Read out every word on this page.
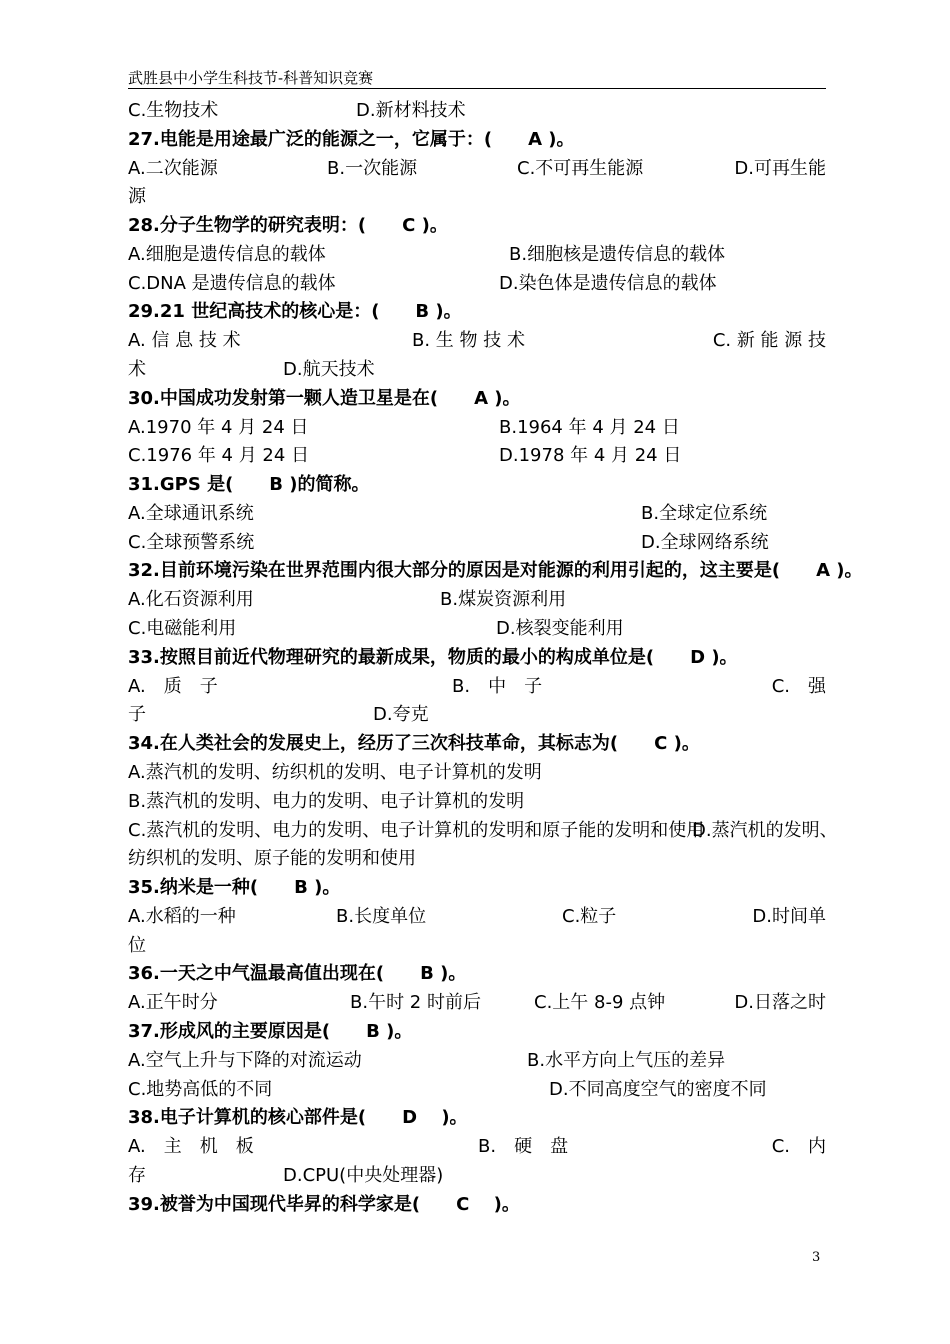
武胜县中小学生科技节-科普知识竞赛
C.生物技术	D.新材料技术
27.电能是用途最广泛的能源之一，它属于：(　　A )。
A.二次能源	B.一次能源	C.不可再生能源	D.可再生能
源
28.分子生物学的研究表明：(　　C )。
A.细胞是遗传信息的载体	B.细胞核是遗传信息的载体
C.DNA 是遗传信息的载体	D.染色体是遗传信息的载体
29.21 世纪高技术的核心是：(　　B )。
A. 信 息 技 术	B. 生 物 技 术	C. 新 能 源 技
术	D.航天技术
30.中国成功发射第一颗人造卫星是在(　　A )。
A.1970 年 4 月 24 日	B.1964 年 4 月 24 日
C.1976 年 4 月 24 日	D.1978 年 4 月 24 日
31.GPS 是(　　B )的简称。
A.全球通讯系统	B.全球定位系统
C.全球预警系统	D.全球网络系统
32.目前环境污染在世界范围内很大部分的原因是对能源的利用引起的，这主要是(　　A )。
A.化石资源利用	B.煤炭资源利用
C.电磁能利用	D.核裂变能利用
33.按照目前近代物理研究的最新成果，物质的最小的构成单位是(　　D )。
A.　质　子	B.　中　子	C.　强
子	D.夸克
34.在人类社会的发展史上，经历了三次科技革命，其标志为(　　C )。
A.蒸汽机的发明、纺织机的发明、电子计算机的发明
B.蒸汽机的发明、电力的发明、电子计算机的发明
C.蒸汽机的发明、电力的发明、电子计算机的发明和原子能的发明和使用
D.蒸汽机的发明、
纺织机的发明、原子能的发明和使用
35.纳米是一种(　　B )。
A.水稻的一种	B.长度单位	C.粒子	D.时间单
位
36.一天之中气温最高值出现在(　　B )。
A.正午时分	B.午时 2 时前后	C.上午 8-9 点钟	D.日落之时
37.形成风的主要原因是(　　B )。
A.空气上升与下降的对流运动	B.水平方向上气压的差异
C.地势高低的不同	D.不同高度空气的密度不同
38.电子计算机的核心部件是(　　D　 )。
A.　主　机　板	B.　硬　盘	C.　内
存	D.CPU(中央处理器)
39.被誉为中国现代毕昇的科学家是(　　C　 )。
3
